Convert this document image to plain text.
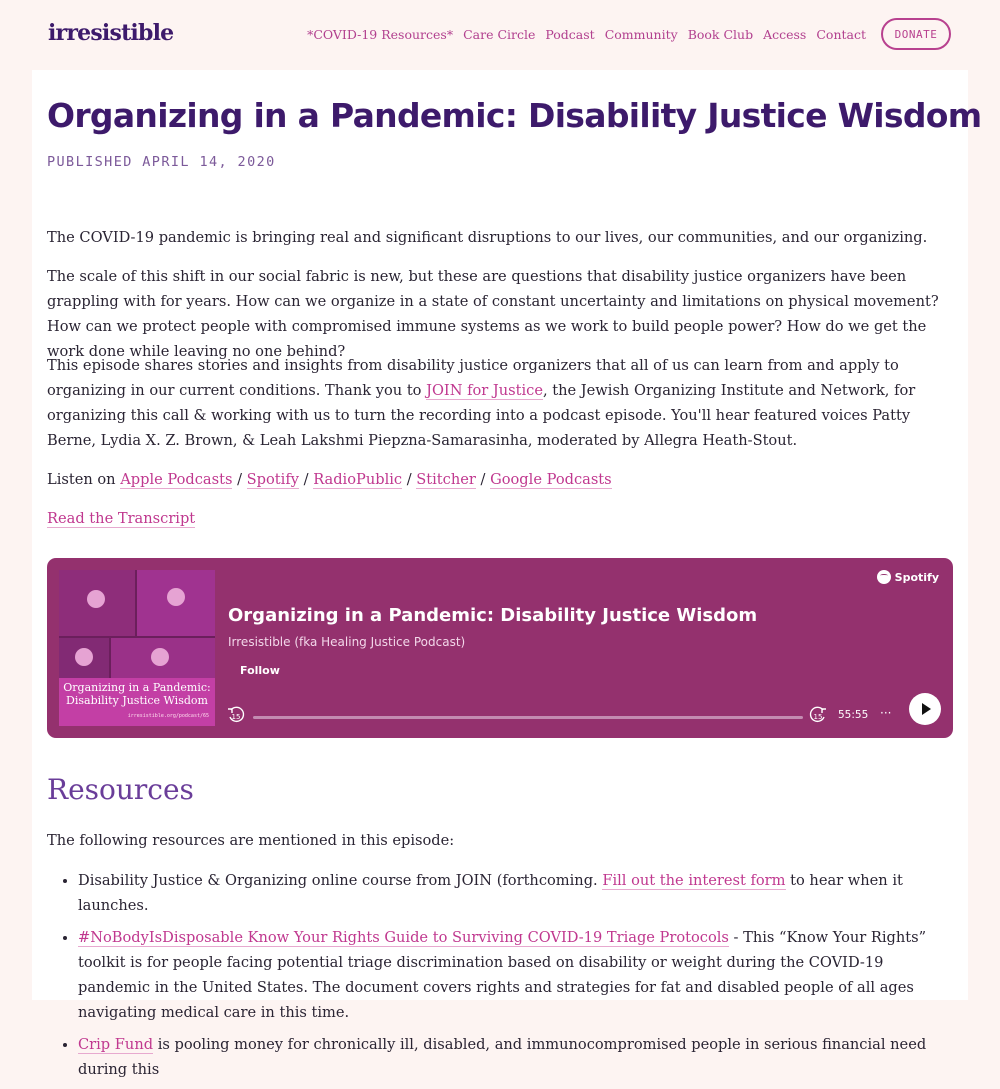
irresistible	*COVID-19 Resources* Care Circle Podcast Community Book Club Access Contact	DONATE
Organizing in a Pandemic: Disability Justice Wisdom
PUBLISHED APRIL 14, 2020

The COVID-19 pandemic is bringing real and significant disruptions to our lives, our communities, and our organizing.

The scale of this shift in our social fabric is new, but these are questions that disability justice organizers have been grappling with for years. How can we organize in a state of constant uncertainty and limitations on physical movement? How can we protect people with compromised immune systems as we work to build people power? How do we get the work done while leaving no one behind?

This episode shares stories and insights from disability justice organizers that all of us can learn from and apply to organizing in our current conditions. Thank you to JOIN for Justice, the Jewish Organizing Institute and Network, for organizing this call & working with us to turn the recording into a podcast episode. You'll hear featured voices Patty Berne, Lydia X. Z. Brown, & Leah Lakshmi Piepzna-Samarasinha, moderated by Allegra Heath-Stout.

Listen on Apple Podcasts / Spotify / RadioPublic / Stitcher / Google Podcasts

Read the Transcript

Organizing in a Pandemic: Disability Justice Wisdom
irresistible.org/podcast/65
Spotify
Organizing in a Pandemic: Disability Justice Wisdom
Irresistible (fka Healing Justice Podcast)
Follow
15	15 55:55 ···
Resources

The following resources are mentioned in this episode:

• Disability Justice & Organizing online course from JOIN (forthcoming. Fill out the interest form to hear when it launches.
• #NoBodyIsDisposable Know Your Rights Guide to Surviving COVID-19 Triage Protocols - This “Know Your Rights” toolkit is for people facing potential triage discrimination based on disability or weight during the COVID-19 pandemic in the United States. The document covers rights and strategies for fat and disabled people of all ages navigating medical care in this time.
• Crip Fund is pooling money for chronically ill, disabled, and immunocompromised people in serious financial need during this
